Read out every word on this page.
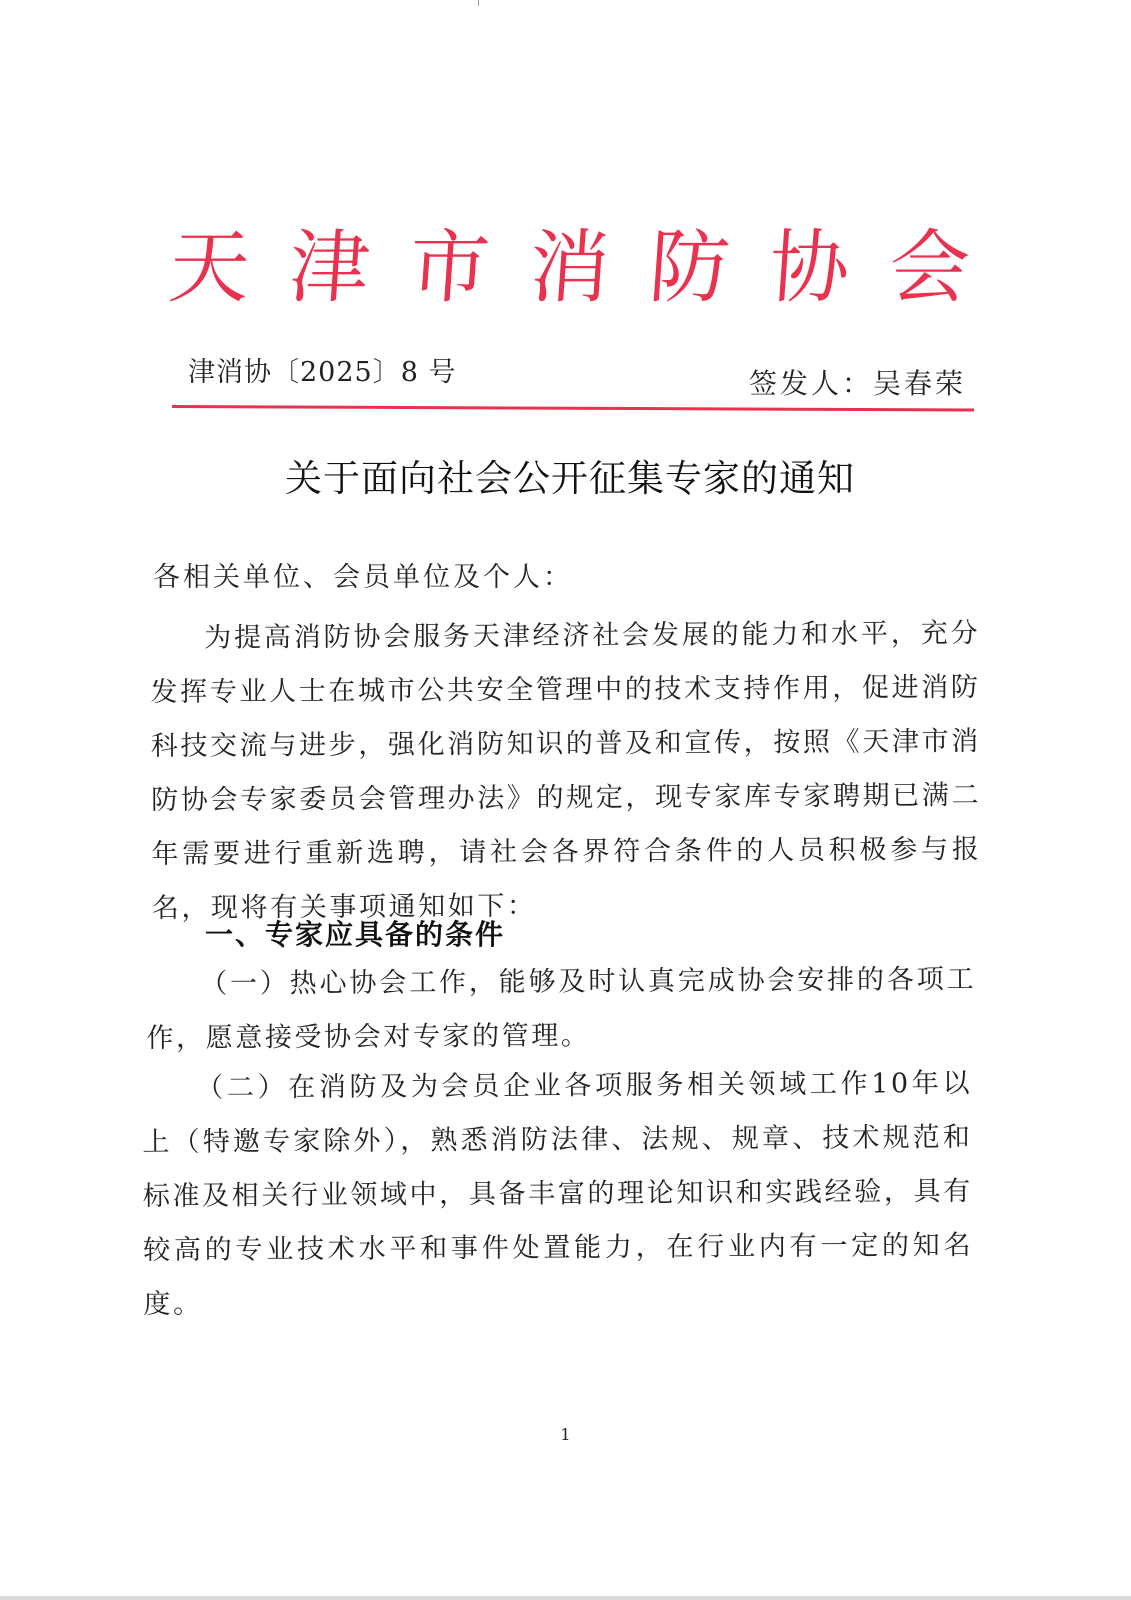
天 津 市 消 防 协 会
津消协〔2025〕8 号	签发人：吴春荣
关于面向社会公开征集专家的通知
各相关单位、会员单位及个人：
为提高消防协会服务天津经济社会发展的能力和水平，充分发挥专业人士在城市公共安全管理中的技术支持作用，促进消防科技交流与进步，强化消防知识的普及和宣传，按照《天津市消防协会专家委员会管理办法》的规定，现专家库专家聘期已满二年需要进行重新选聘，请社会各界符合条件的人员积极参与报名，现将有关事项通知如下：
一、专家应具备的条件
（一）热心协会工作，能够及时认真完成协会安排的各项工作，愿意接受协会对专家的管理。
（二）在消防及为会员企业各项服务相关领域工作10年以上（特邀专家除外），熟悉消防法律、法规、规章、技术规范和标准及相关行业领域中，具备丰富的理论知识和实践经验，具有较高的专业技术水平和事件处置能力，在行业内有一定的知名度。
1
